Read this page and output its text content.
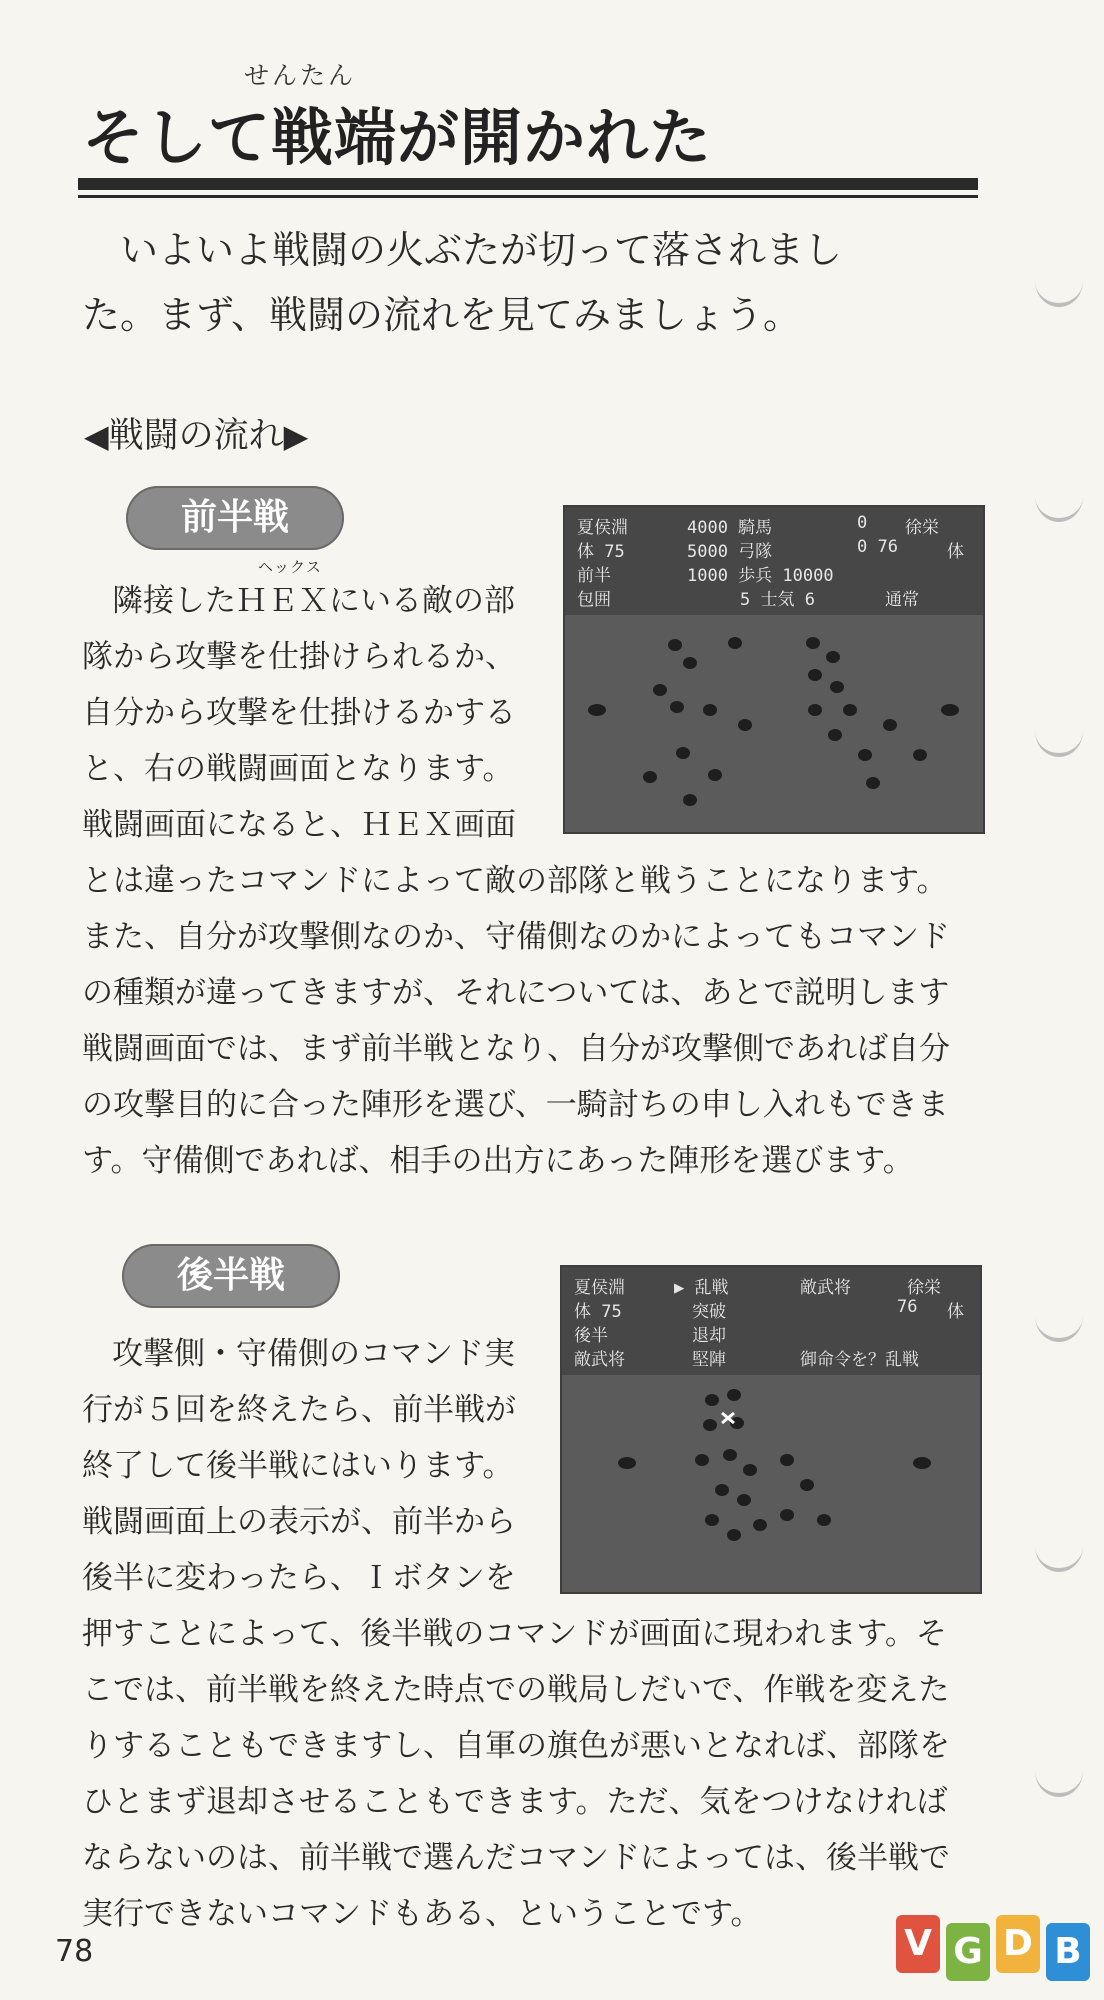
せんたん
そして戦端が開かれた
いよいよ戦闘の火ぶたが切って落されまし
た。まず、戦闘の流れを見てみましょう。
◀戦闘の流れ▶
前半戦
ヘックス
隣接したＨＥＸにいる敵の部
隊から攻撃を仕掛けられるか、
自分から攻撃を仕掛けるかする
と、右の戦闘画面となります。
戦闘画面になると、ＨＥＸ画面
とは違ったコマンドによって敵の部隊と戦うことになります。
また、自分が攻撃側なのか、守備側なのかによってもコマンド
の種類が違ってきますが、それについては、あとで説明します
戦闘画面では、まず前半戦となり、自分が攻撃側であれば自分
の攻撃目的に合った陣形を選び、一騎討ちの申し入れもできま
す。守備側であれば、相手の出方にあった陣形を選びます。
夏侯淵	4000 騎馬	0 徐栄
体 75	5000 弓隊	0 76	体
前半	1000 歩兵 10000
包囲	5 士気 6	通常
後半戦
攻撃側・守備側のコマンド実
行が５回を終えたら、前半戦が
終了して後半戦にはいります。
戦闘画面上の表示が、前半から
後半に変わったら、Ｉボタンを
押すことによって、後半戦のコマンドが画面に現われます。そ
こでは、前半戦を終えた時点での戦局しだいで、作戦を変えた
りすることもできますし、自軍の旗色が悪いとなれば、部隊を
ひとまず退却させることもできます。ただ、気をつけなければ
ならないのは、前半戦で選んだコマンドによっては、後半戦で
実行できないコマンドもある、ということです。
夏侯淵	▶ 乱戦	敵武将	徐栄
体 75	突破	76 体
後半	退却
敵武将	堅陣	御命令を？乱戦
78	V G D B
